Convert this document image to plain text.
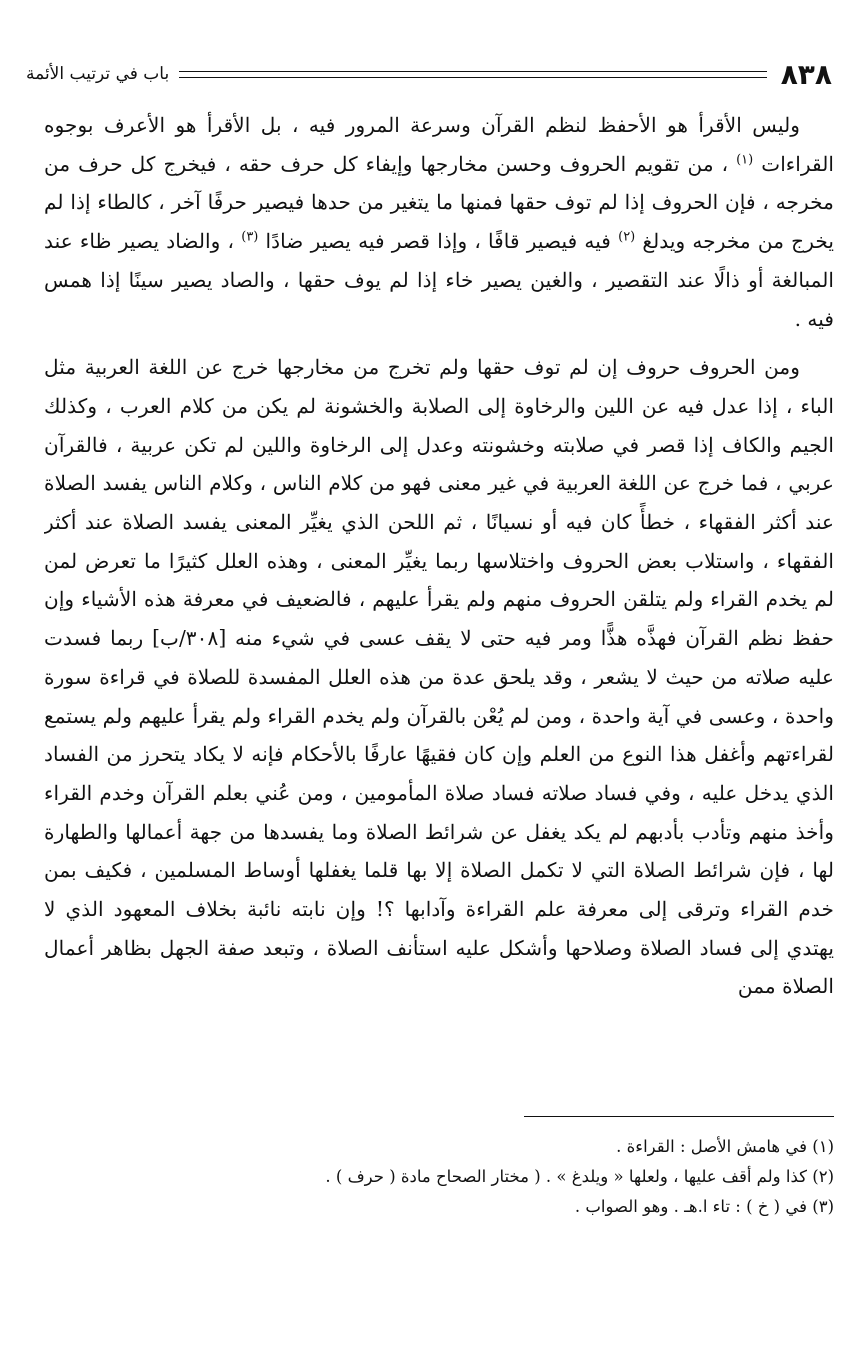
٨٣٨
باب في ترتيب الأئمة

وليس الأقرأ هو الأحفظ لنظم القرآن وسرعة المرور فيه ، بل الأقرأ هو الأعرف بوجوه القراءات $^{(١)}$ ، من تقويم الحروف وحسن مخارجها وإيفاء كل حرف حقه ، فيخرج كل حرف من مخرجه ، فإن الحروف إذا لم توف حقها فمنها ما يتغير من حدها فيصير حرفًا آخر ، كالطاء إذا لم يخرج من مخرجه ويدلغ $^{(٢)}$ فيه فيصير قافًا ، وإذا قصر فيه يصير ضادًا $^{(٣)}$ ، والضاد يصير ظاء عند المبالغة أو ذالًا عند التقصير ، والغين يصير خاء إذا لم يوف حقها ، والصاد يصير سينًا إذا همس فيه .

ومن الحروف حروف إن لم توف حقها ولم تخرج من مخارجها خرج عن اللغة العربية مثل الباء ، إذا عدل فيه عن اللين والرخاوة إلى الصلابة والخشونة لم يكن من كلام العرب ، وكذلك الجيم والكاف إذا قصر في صلابته وخشونته وعدل إلى الرخاوة واللين لم تكن عربية ، فالقرآن عربي ، فما خرج عن اللغة العربية في غير معنى فهو من كلام الناس ، وكلام الناس يفسد الصلاة عند أكثر الفقهاء ، خطأً كان فيه أو نسيانًا ، ثم اللحن الذي يغيِّر المعنى يفسد الصلاة عند أكثر الفقهاء ، واستلاب بعض الحروف واختلاسها ربما يغيِّر المعنى ، وهذه العلل كثيرًا ما تعرض لمن لم يخدم القراء ولم يتلقن الحروف منهم ولم يقرأ عليهم ، فالضعيف في معرفة هذه الأشياء وإن حفظ نظم القرآن فهذَّه هذًّا ومر فيه حتى لا يقف عسى في شيء منه [٣٠٨/ب] ربما فسدت عليه صلاته من حيث لا يشعر ، وقد يلحق عدة من هذه العلل المفسدة للصلاة في قراءة سورة واحدة ، وعسى في آية واحدة ، ومن لم يُعْن بالقرآن ولم يخدم القراء ولم يقرأ عليهم ولم يستمع لقراءتهم وأغفل هذا النوع من العلم وإن كان فقيهًا عارفًا بالأحكام فإنه لا يكاد يتحرز من الفساد الذي يدخل عليه ، وفي فساد صلاته فساد صلاة المأمومين ، ومن عُني بعلم القرآن وخدم القراء وأخذ منهم وتأدب بأدبهم لم يكد يغفل عن شرائط الصلاة وما يفسدها من جهة أعمالها والطهارة لها ، فإن شرائط الصلاة التي لا تكمل الصلاة إلا بها قلما يغفلها أوساط المسلمين ، فكيف بمن خدم القراء وترقى إلى معرفة علم القراءة وآدابها ؟! وإن نابته نائبة بخلاف المعهود الذي لا يهتدي إلى فساد الصلاة وصلاحها وأشكل عليه استأنف الصلاة ، وتبعد صفة الجهل بظاهر أعمال الصلاة ممن

(١) في هامش الأصل : القراءة .

(٢) كذا ولم أقف عليها ، ولعلها « ويلدغ » . ( مختار الصحاح مادة ( حرف ) .

(٣) في ( خ ) : تاء ا.هـ . وهو الصواب .
